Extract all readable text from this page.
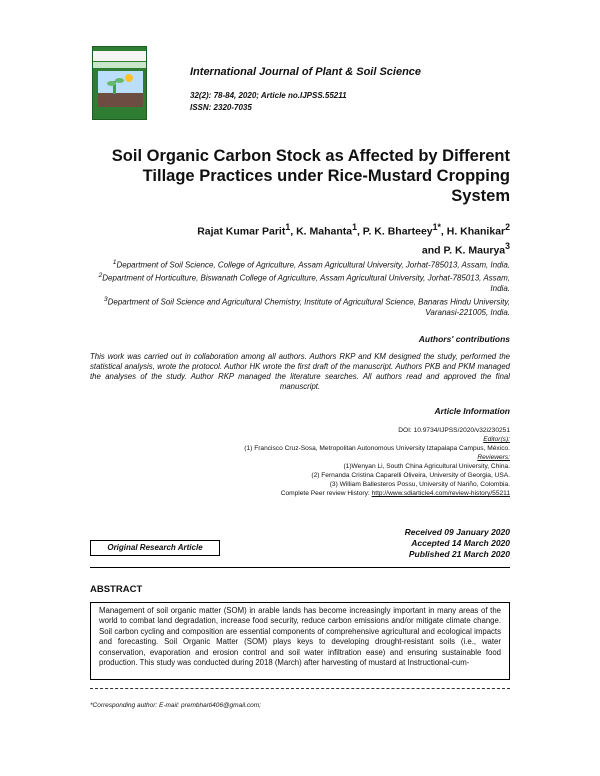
International Journal of Plant & Soil Science
32(2): 78-84, 2020; Article no.IJPSS.55211
ISSN: 2320-7035
Soil Organic Carbon Stock as Affected by Different Tillage Practices under Rice-Mustard Cropping System
Rajat Kumar Parit$^1$, K. Mahanta$^1$, P. K. Bharteey$^{1*}$, H. Khanikar$^2$
and P. K. Maurya$^3$
$^1$Department of Soil Science, College of Agriculture, Assam Agricultural University, Jorhat-785013, Assam, India.
$^2$Department of Horticulture, Biswanath College of Agriculture, Assam Agricultural University, Jorhat-785013, Assam, India.
$^3$Department of Soil Science and Agricultural Chemistry, Institute of Agricultural Science, Banaras Hindu University, Varanasi-221005, India.
Authors' contributions
This work was carried out in collaboration among all authors. Authors RKP and KM designed the study, performed the statistical analysis, wrote the protocol. Author HK wrote the first draft of the manuscript. Authors PKB and PKM managed the analyses of the study. Author RKP managed the literature searches. All authors read and approved the final manuscript.
Article Information
DOI: 10.9734/IJPSS/2020/v32i230251
Editor(s):
(1) Francisco Cruz-Sosa, Metropolitan Autonomous University Iztapalapa Campus, México.
Reviewers:
(1)Wenyan Li, South China Agricultural University, China.
(2) Fernanda Cristina Caparelli Oliveira, University of Georgia, USA.
(3) William Ballesteros Possu, University of Nariño, Colombia.
Complete Peer review History: http://www.sdiarticle4.com/review-history/55211
Received 09 January 2020
Accepted 14 March 2020
Published 21 March 2020
Original Research Article
ABSTRACT
Management of soil organic matter (SOM) in arable lands has become increasingly important in many areas of the world to combat land degradation, increase food security, reduce carbon emissions and/or mitigate climate change. Soil carbon cycling and composition are essential components of comprehensive agricultural and ecological impacts and forecasting. Soil Organic Matter (SOM) plays keys to developing drought-resistant soils (i.e., water conservation, evaporation and erosion control and soil water infiltration ease) and ensuring sustainable food production. This study was conducted during 2018 (March) after harvesting of mustard at Instructional-cum-
*Corresponding author: E-mail: prembharti406@gmail.com;
